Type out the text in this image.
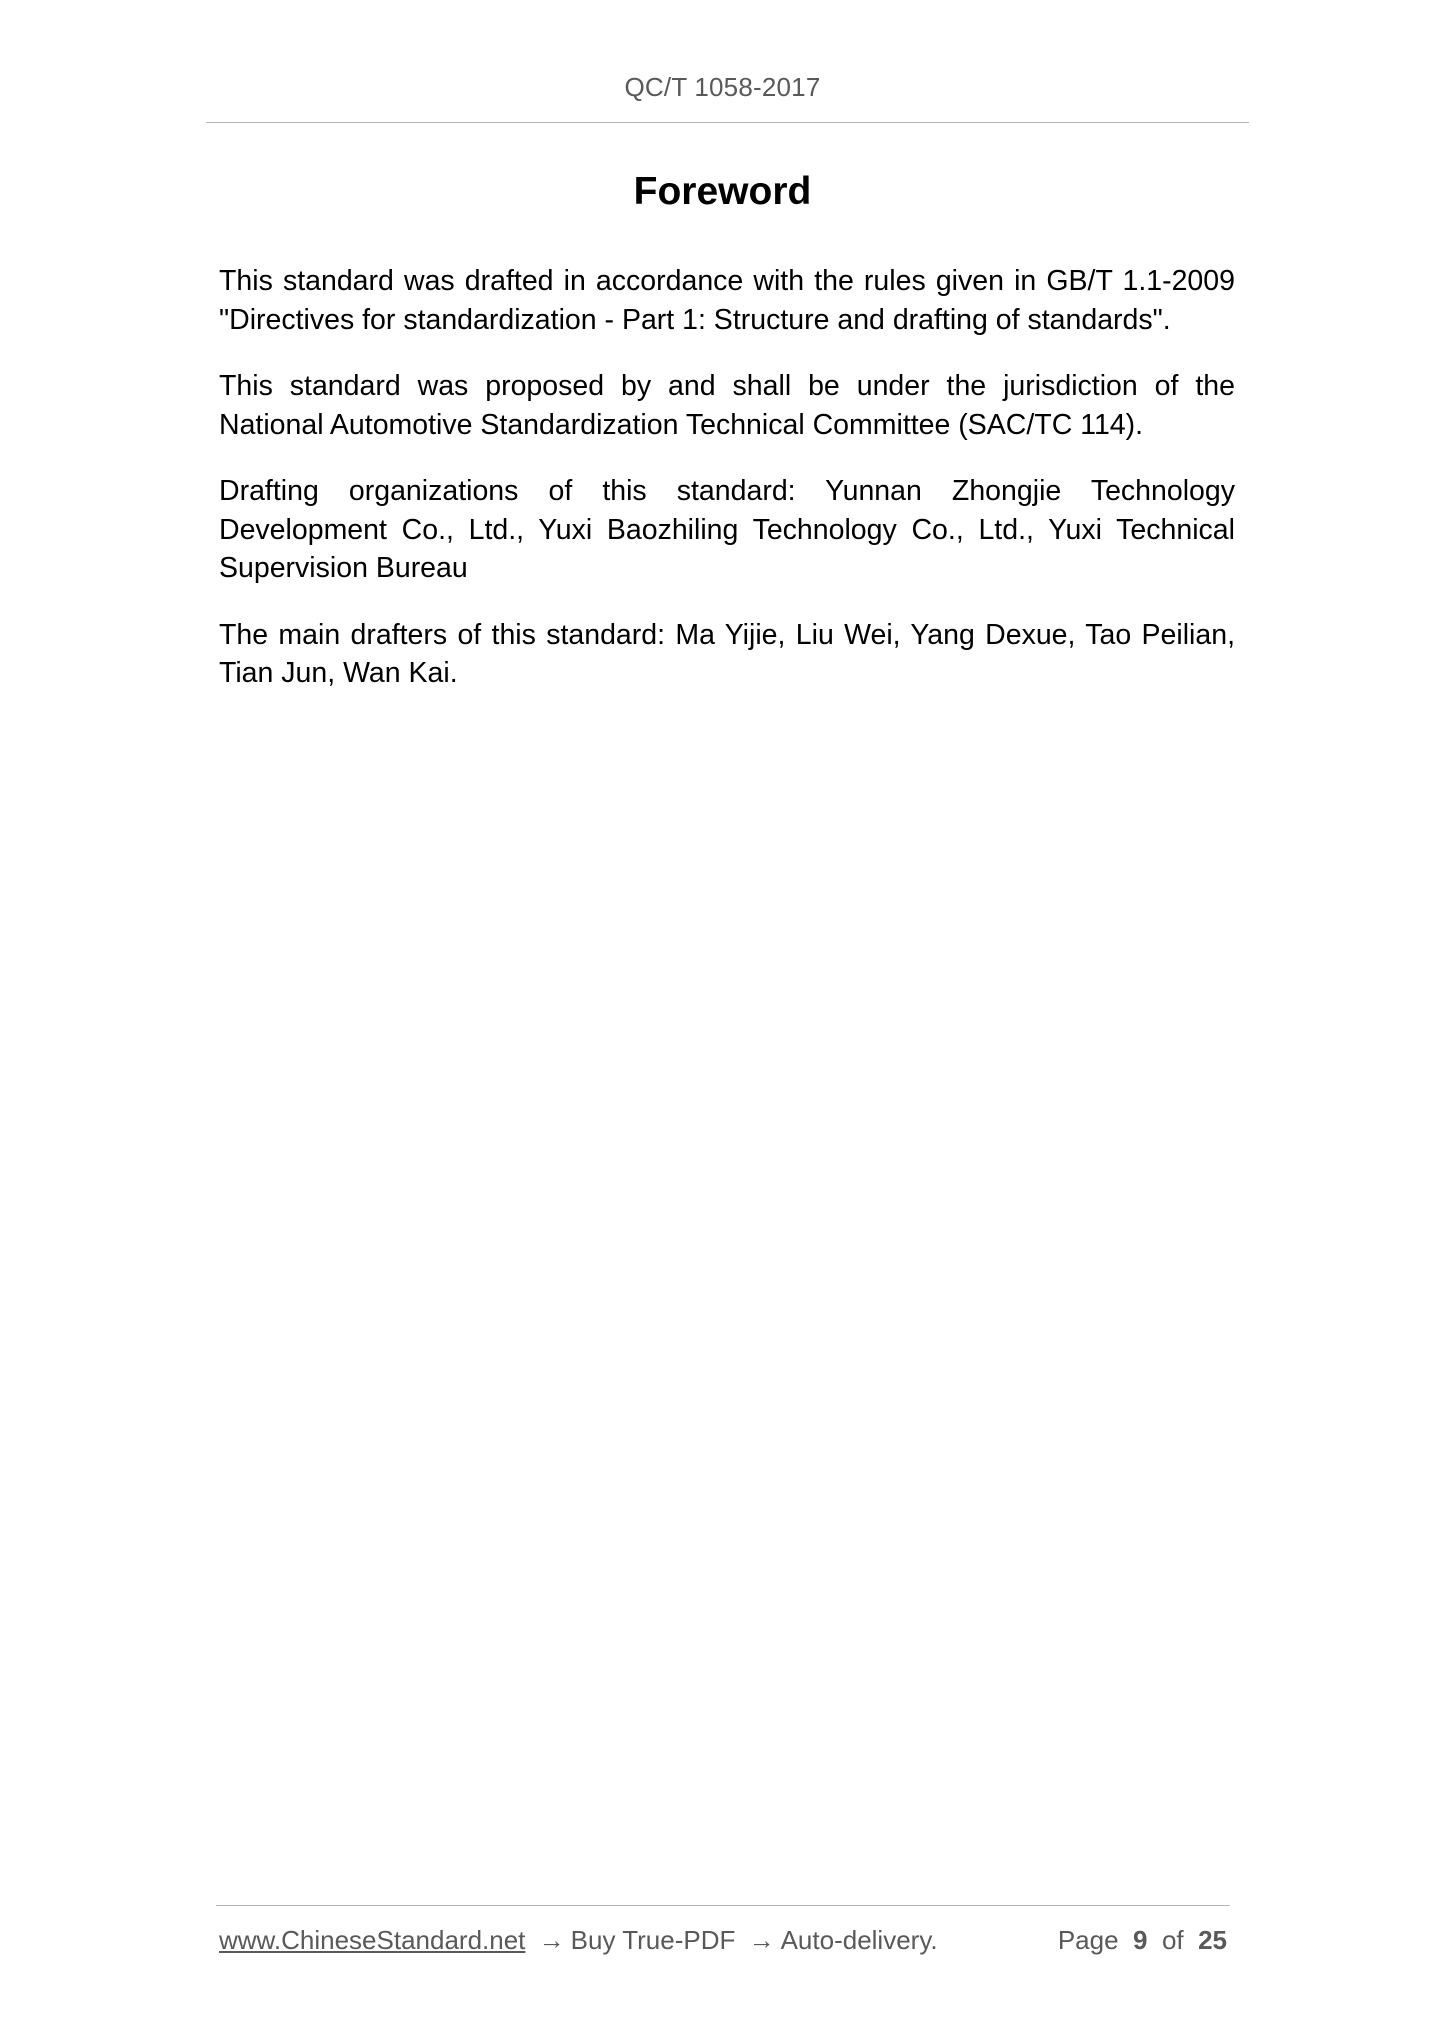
QC/T 1058-2017
Foreword

This standard was drafted in accordance with the rules given in GB/T 1.1-2009 "Directives for standardization - Part 1: Structure and drafting of standards".

This standard was proposed by and shall be under the jurisdiction of the National Automotive Standardization Technical Committee (SAC/TC 114).

Drafting organizations of this standard: Yunnan Zhongjie Technology Development Co., Ltd., Yuxi Baozhiling Technology Co., Ltd., Yuxi Technical Supervision Bureau

The main drafters of this standard: Ma Yijie, Liu Wei, Yang Dexue, Tao Peilian, Tian Jun, Wan Kai.

www.ChineseStandard.net → Buy True-PDF → Auto-delivery.	Page 9 of 25
